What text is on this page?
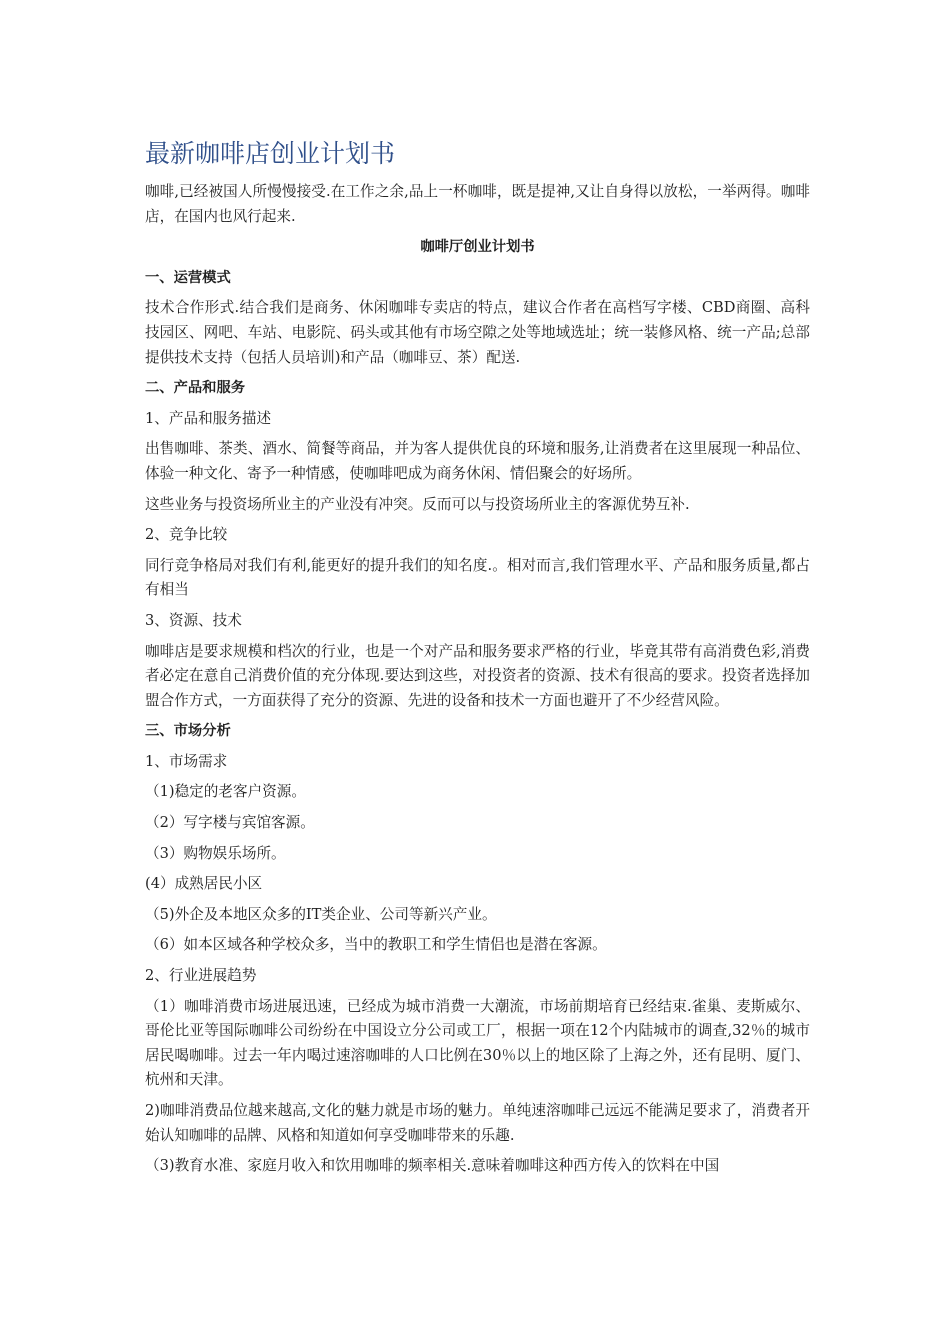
最新咖啡店创业计划书

咖啡,已经被国人所慢慢接受.在工作之余,品上一杯咖啡，既是提神,又让自身得以放松，一举两得。咖啡店，在国内也风行起来.

咖啡厅创业计划书

一、运营模式

技术合作形式.结合我们是商务、休闲咖啡专卖店的特点，建议合作者在高档写字楼、CBD商圈、高科技园区、网吧、车站、电影院、码头或其他有市场空隙之处等地域选址；统一装修风格、统一产品;总部提供技术支持（包括人员培训)和产品（咖啡豆、茶）配送.

二、产品和服务

1、产品和服务描述

出售咖啡、茶类、酒水、简餐等商品，并为客人提供优良的环境和服务,让消费者在这里展现一种品位、体验一种文化、寄予一种情感，使咖啡吧成为商务休闲、情侣聚会的好场所。

这些业务与投资场所业主的产业没有冲突。反而可以与投资场所业主的客源优势互补.

2、竞争比较

同行竞争格局对我们有利,能更好的提升我们的知名度.。相对而言,我们管理水平、产品和服务质量,都占有相当

3、资源、技术

咖啡店是要求规模和档次的行业，也是一个对产品和服务要求严格的行业，毕竟其带有高消费色彩,消费者必定在意自己消费价值的充分体现.要达到这些，对投资者的资源、技术有很高的要求。投资者选择加盟合作方式，一方面获得了充分的资源、先进的设备和技术一方面也避开了不少经营风险。

三、市场分析

1、市场需求

（1)稳定的老客户资源。

（2）写字楼与宾馆客源。

（3）购物娱乐场所。

(4）成熟居民小区

（5)外企及本地区众多的IT类企业、公司等新兴产业。

（6）如本区域各种学校众多，当中的教职工和学生情侣也是潜在客源。

2、行业进展趋势

（1）咖啡消费市场进展迅速，已经成为城市消费一大潮流，市场前期培育已经结束.雀巢、麦斯威尔、哥伦比亚等国际咖啡公司纷纷在中国设立分公司或工厂，根据一项在12个内陆城市的调查,32％的城市居民喝咖啡。过去一年内喝过速溶咖啡的人口比例在30％以上的地区除了上海之外，还有昆明、厦门、杭州和天津。

2)咖啡消费品位越来越高,文化的魅力就是市场的魅力。单纯速溶咖啡己远远不能满足要求了，消费者开始认知咖啡的品牌、风格和知道如何享受咖啡带来的乐趣.

（3)教育水准、家庭月收入和饮用咖啡的频率相关.意味着咖啡这种西方传入的饮料在中国
